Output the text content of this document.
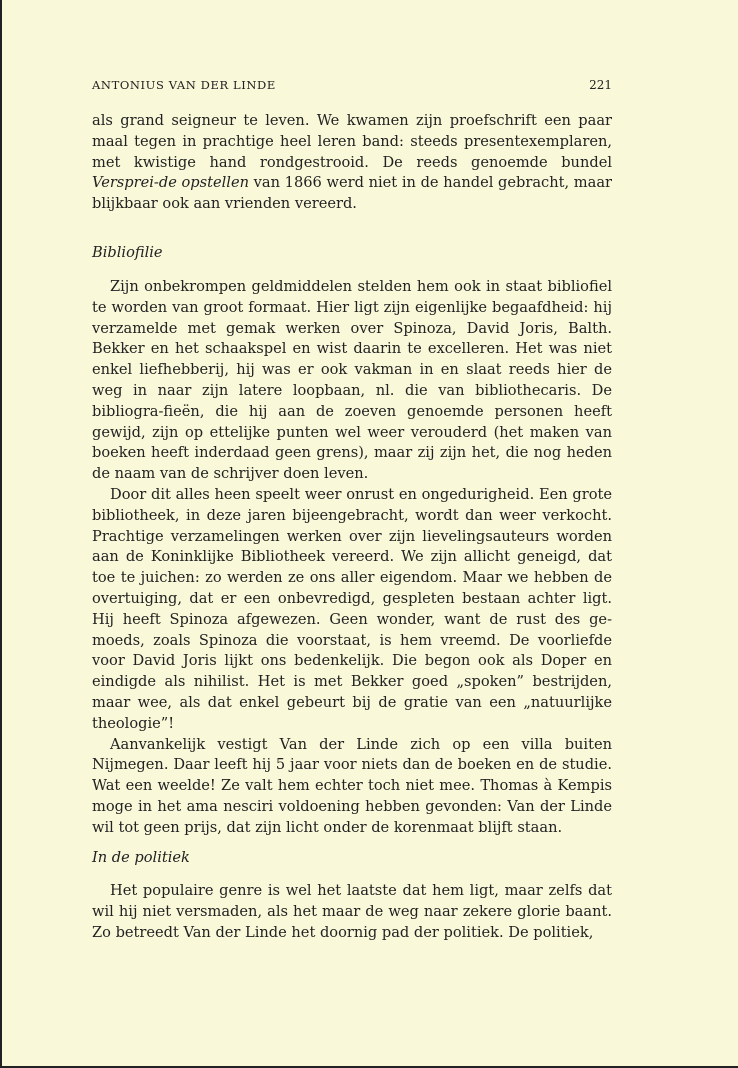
ANTONIUS VAN DER LINDE	221

als grand seigneur te leven. We kwamen zijn proefschrift een paar maal tegen in prachtige heel leren band: steeds presentexemplaren, met kwistige hand rondgestrooid. De reeds genoemde bundel Versprei-de opstellen van 1866 werd niet in de handel gebracht, maar blijkbaar ook aan vrienden vereerd.

Bibliofilie

Zijn onbekrompen geldmiddelen stelden hem ook in staat bibliofiel te worden van groot formaat. Hier ligt zijn eigenlijke begaafdheid: hij verzamelde met gemak werken over Spinoza, David Joris, Balth. Bekker en het schaakspel en wist daarin te excelleren. Het was niet enkel liefhebberij, hij was er ook vakman in en slaat reeds hier de weg in naar zijn latere loopbaan, nl. die van bibliothecaris. De bibliogra-fieën, die hij aan de zoeven genoemde personen heeft gewijd, zijn op ettelijke punten wel weer verouderd (het maken van boeken heeft inderdaad geen grens), maar zij zijn het, die nog heden de naam van de schrijver doen leven.

Door dit alles heen speelt weer onrust en ongedurigheid. Een grote bibliotheek, in deze jaren bijeengebracht, wordt dan weer verkocht. Prachtige verzamelingen werken over zijn lievelingsauteurs worden aan de Koninklijke Bibliotheek vereerd. We zijn allicht geneigd, dat toe te juichen: zo werden ze ons aller eigendom. Maar we hebben de overtuiging, dat er een onbevredigd, gespleten bestaan achter ligt. Hij heeft Spinoza afgewezen. Geen wonder, want de rust des ge-moeds, zoals Spinoza die voorstaat, is hem vreemd. De voorliefde voor David Joris lijkt ons bedenkelijk. Die begon ook als Doper en eindigde als nihilist. Het is met Bekker goed „spoken” bestrijden, maar wee, als dat enkel gebeurt bij de gratie van een „natuurlijke theologie”!

Aanvankelijk vestigt Van der Linde zich op een villa buiten Nijmegen. Daar leeft hij 5 jaar voor niets dan de boeken en de studie. Wat een weelde! Ze valt hem echter toch niet mee. Thomas à Kempis moge in het ama nesciri voldoening hebben gevonden: Van der Linde wil tot geen prijs, dat zijn licht onder de korenmaat blijft staan.

In de politiek

Het populaire genre is wel het laatste dat hem ligt, maar zelfs dat wil hij niet versmaden, als het maar de weg naar zekere glorie baant. Zo betreedt Van der Linde het doornig pad der politiek. De politiek,
